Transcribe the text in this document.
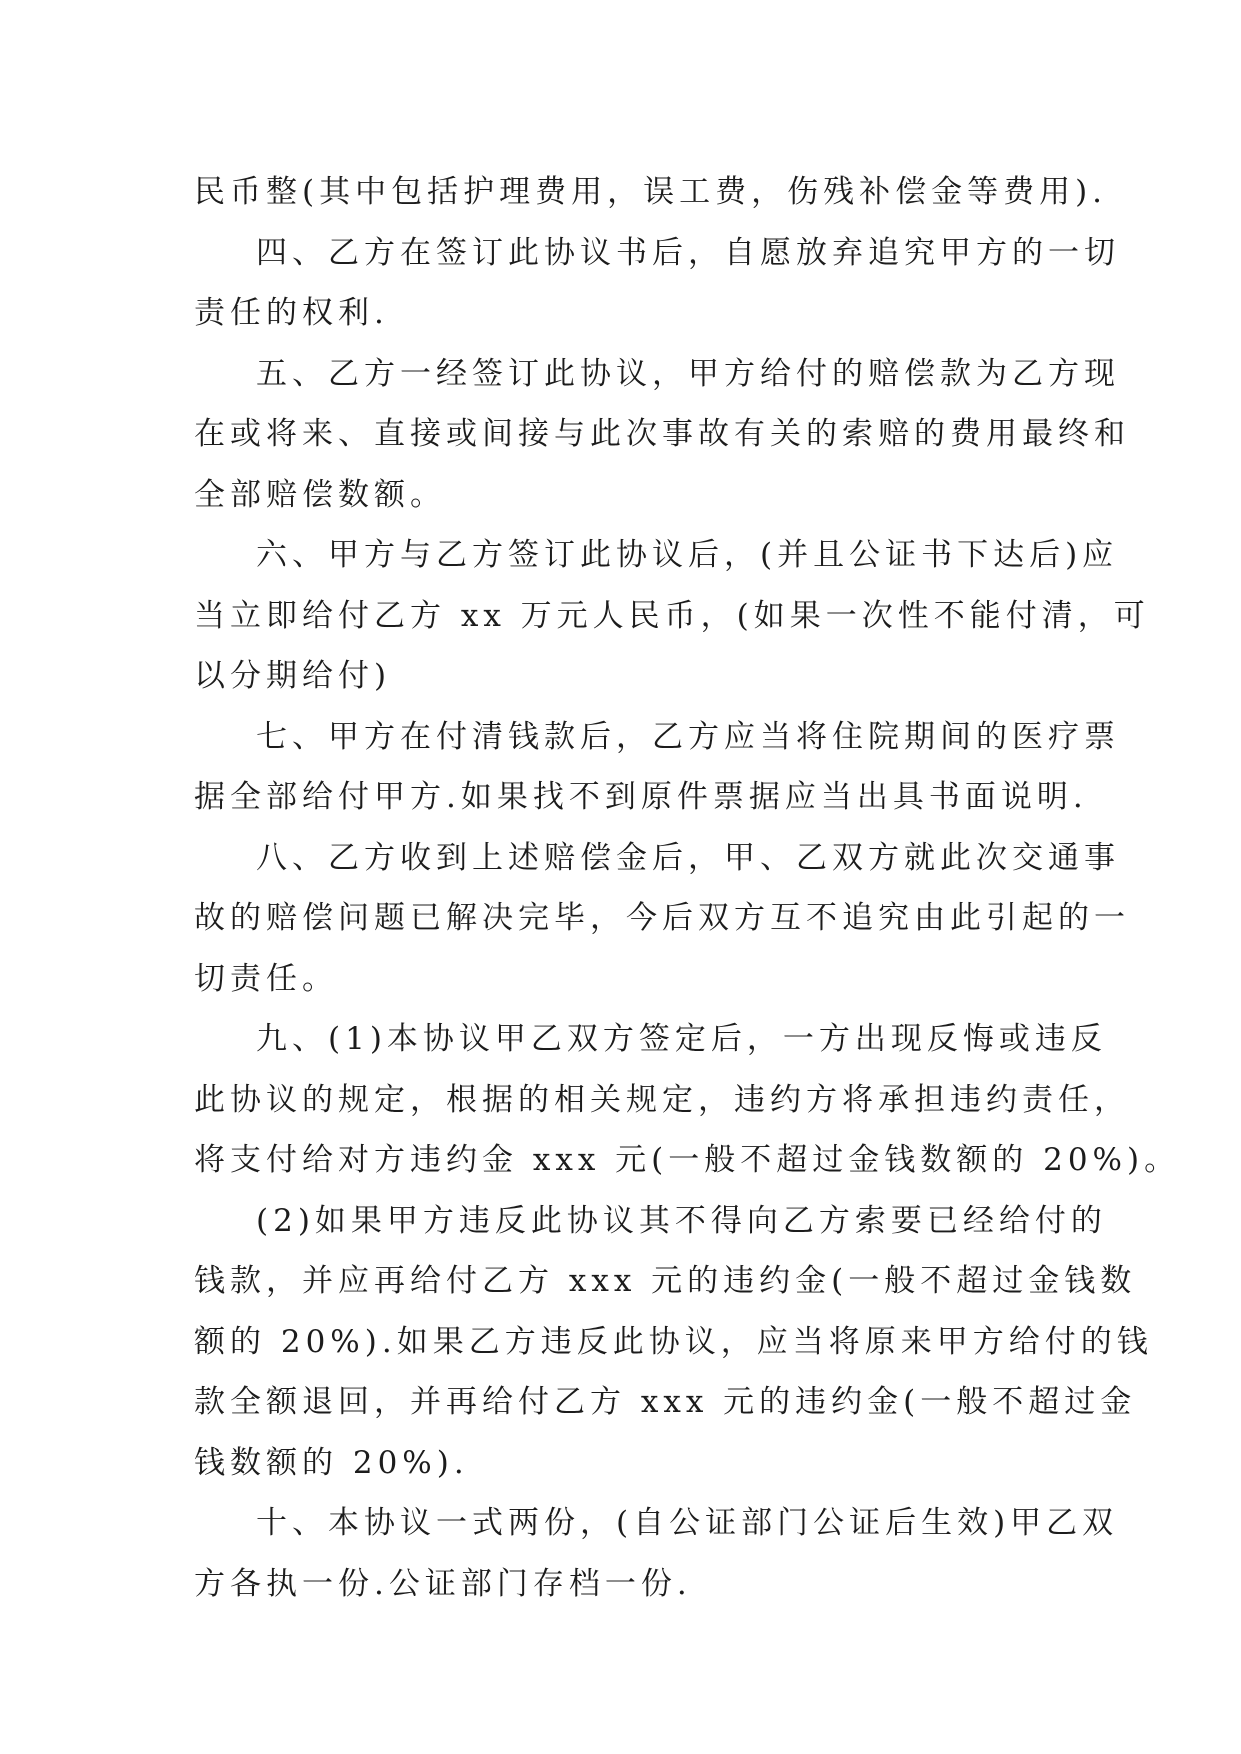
民币整(其中包括护理费用，误工费，伤残补偿金等费用).
四、乙方在签订此协议书后，自愿放弃追究甲方的一切
责任的权利.
五、乙方一经签订此协议，甲方给付的赔偿款为乙方现
在或将来、直接或间接与此次事故有关的索赔的费用最终和
全部赔偿数额。
六、甲方与乙方签订此协议后，(并且公证书下达后)应
当立即给付乙方 xx 万元人民币，(如果一次性不能付清，可
以分期给付)
七、甲方在付清钱款后，乙方应当将住院期间的医疗票
据全部给付甲方.如果找不到原件票据应当出具书面说明.
八、乙方收到上述赔偿金后，甲、乙双方就此次交通事
故的赔偿问题已解决完毕，今后双方互不追究由此引起的一
切责任。
九、(1)本协议甲乙双方签定后，一方出现反悔或违反
此协议的规定，根据的相关规定，违约方将承担违约责任，
将支付给对方违约金 xxx 元(一般不超过金钱数额的 20%)。
(2)如果甲方违反此协议其不得向乙方索要已经给付的
钱款，并应再给付乙方 xxx 元的违约金(一般不超过金钱数
额的 20%).如果乙方违反此协议，应当将原来甲方给付的钱
款全额退回，并再给付乙方 xxx 元的违约金(一般不超过金
钱数额的 20%).
十、本协议一式两份，(自公证部门公证后生效)甲乙双
方各执一份.公证部门存档一份.
